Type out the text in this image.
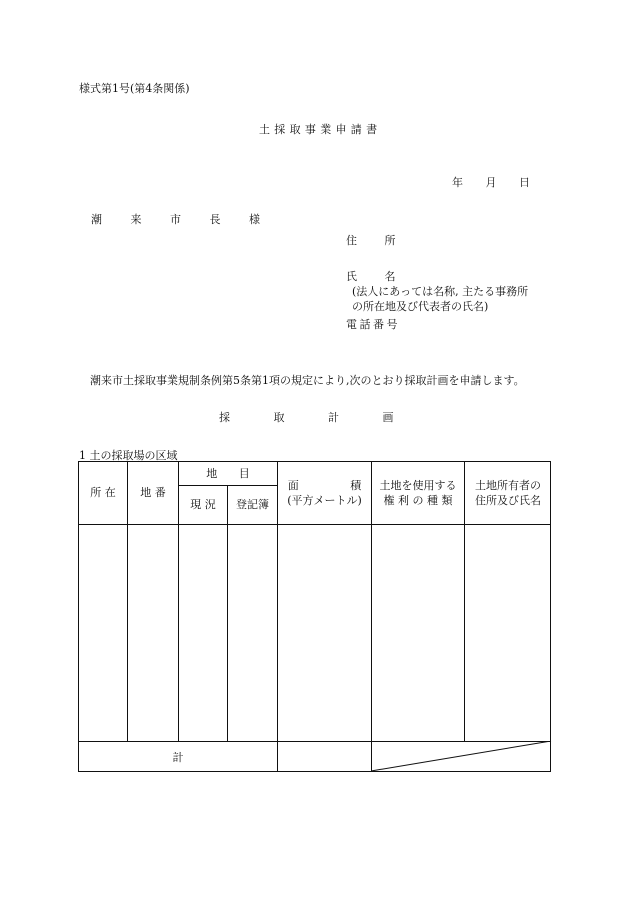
様式第1号(第4条関係)
土採取事業申請書
年 月 日
潮 来 市 長 様
住 所
氏 名
(法人にあっては名称, 主たる事務所
の所在地及び代表者の氏名)
電話番号
潮来市土採取事業規制条例第5条第1項の規定により,次のとおり採取計画を申請します。
採 取 計 画
1 土の採取場の区域
所 在	地 番
地 目
現 況	登記簿
面 積
(平方メートル)
土地を使用する
権 利 の 種 類
土地所有者の
住所及び氏名
計
